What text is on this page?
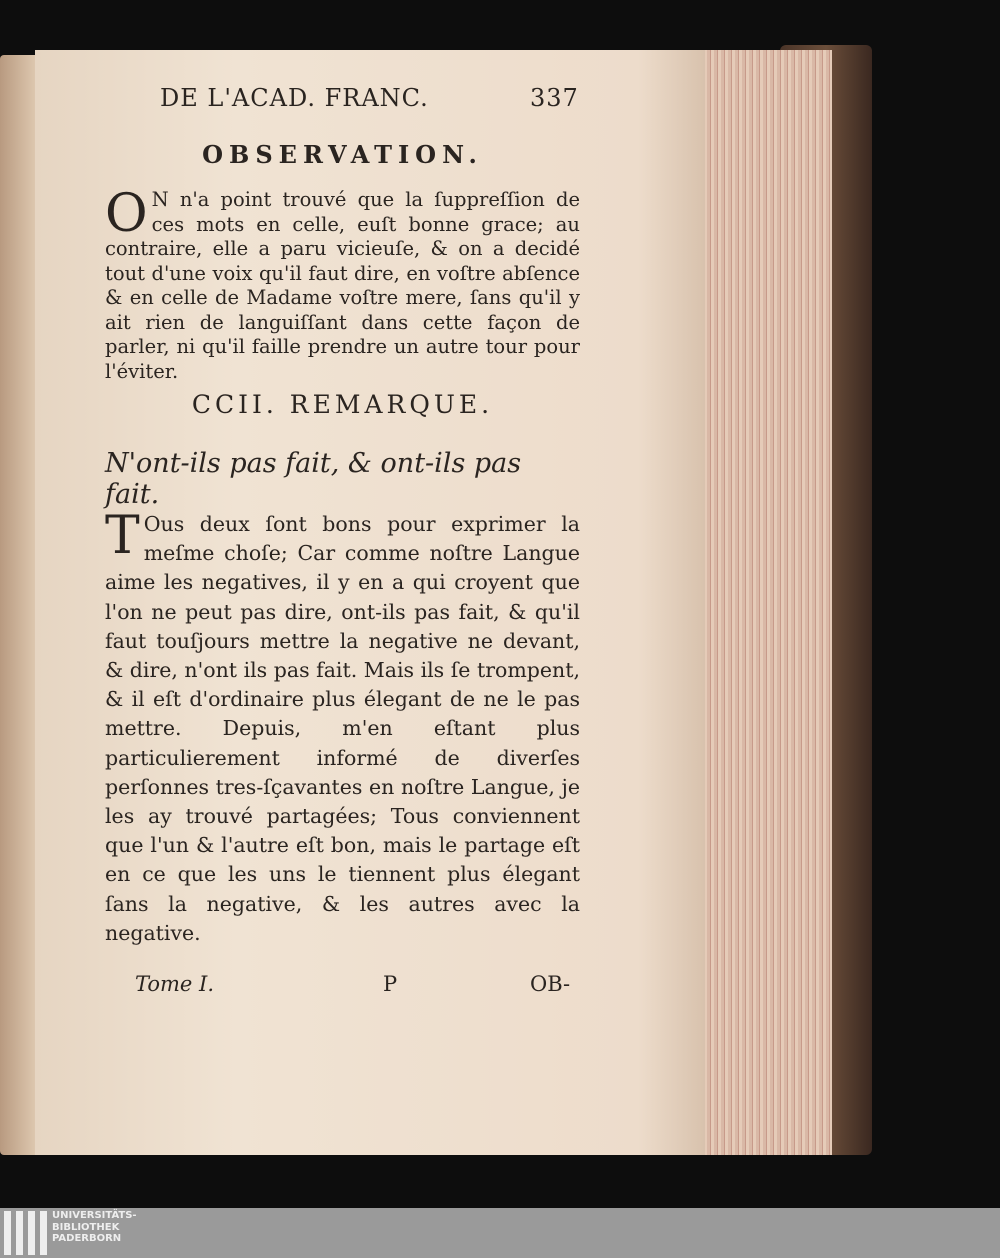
DE L'ACAD. FRANC.	337
OBSERVATION.
O N n'a point trouvé que la ſuppreſſion de ces mots en celle, euſt bonne grace; au contraire, elle a paru vicieuſe, & on a decidé tout d'une voix qu'il faut dire, en voſtre abſence & en celle de Madame voſtre mere, ſans qu'il y ait rien de languiſſant dans cette façon de parler, ni qu'il faille prendre un autre tour pour l'éviter.
CCII. REMARQUE.
N'ont-ils pas fait, & ont-ils pas fait.
T Ous deux ſont bons pour exprimer la meſme choſe; Car comme noſtre Langue aime les negatives, il y en a qui croyent que l'on ne peut pas dire, ont-ils pas fait, & qu'il faut touſjours mettre la negative ne devant, & dire, n'ont ils pas fait. Mais ils ſe trompent, & il eſt d'ordinaire plus élegant de ne le pas mettre. Depuis, m'en eſtant plus particulierement informé de diverſes perſonnes tres-ſçavantes en noſtre Langue, je les ay trouvé partagées; Tous conviennent que l'un & l'autre eſt bon, mais le partage eſt en ce que les uns le tiennent plus élegant ſans la negative, & les autres avec la negative.
Tome I.	P	OB-
UNIVERSITÄTS-
BIBLIOTHEK
PADERBORN
